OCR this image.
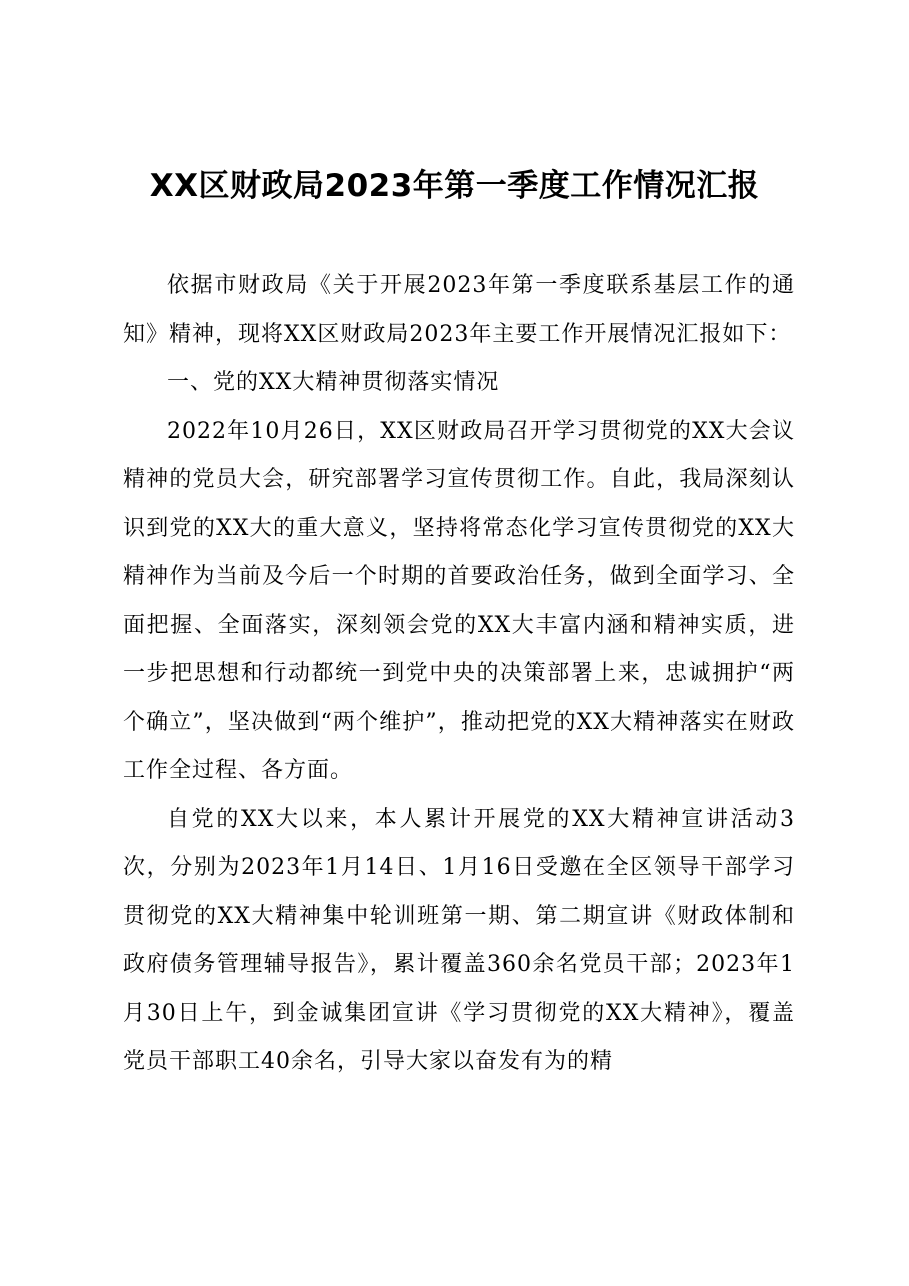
XX区财政局2023年第一季度工作情况汇报

依据市财政局《关于开展2023年第一季度联系基层工作的通知》精神，现将XX区财政局2023年主要工作开展情况汇报如下：

一、党的XX大精神贯彻落实情况

2022年10月26日，XX区财政局召开学习贯彻党的XX大会议精神的党员大会，研究部署学习宣传贯彻工作。自此，我局深刻认识到党的XX大的重大意义，坚持将常态化学习宣传贯彻党的XX大精神作为当前及今后一个时期的首要政治任务，做到全面学习、全面把握、全面落实，深刻领会党的XX大丰富内涵和精神实质，进一步把思想和行动都统一到党中央的决策部署上来，忠诚拥护“两个确立”，坚决做到“两个维护”，推动把党的XX大精神落实在财政工作全过程、各方面。

自党的XX大以来，本人累计开展党的XX大精神宣讲活动3次，分别为2023年1月14日、1月16日受邀在全区领导干部学习贯彻党的XX大精神集中轮训班第一期、第二期宣讲《财政体制和政府债务管理辅导报告》，累计覆盖360余名党员干部；2023年1月30日上午，到金诚集团宣讲《学习贯彻党的XX大精神》，覆盖党员干部职工40余名，引导大家以奋发有为的精
